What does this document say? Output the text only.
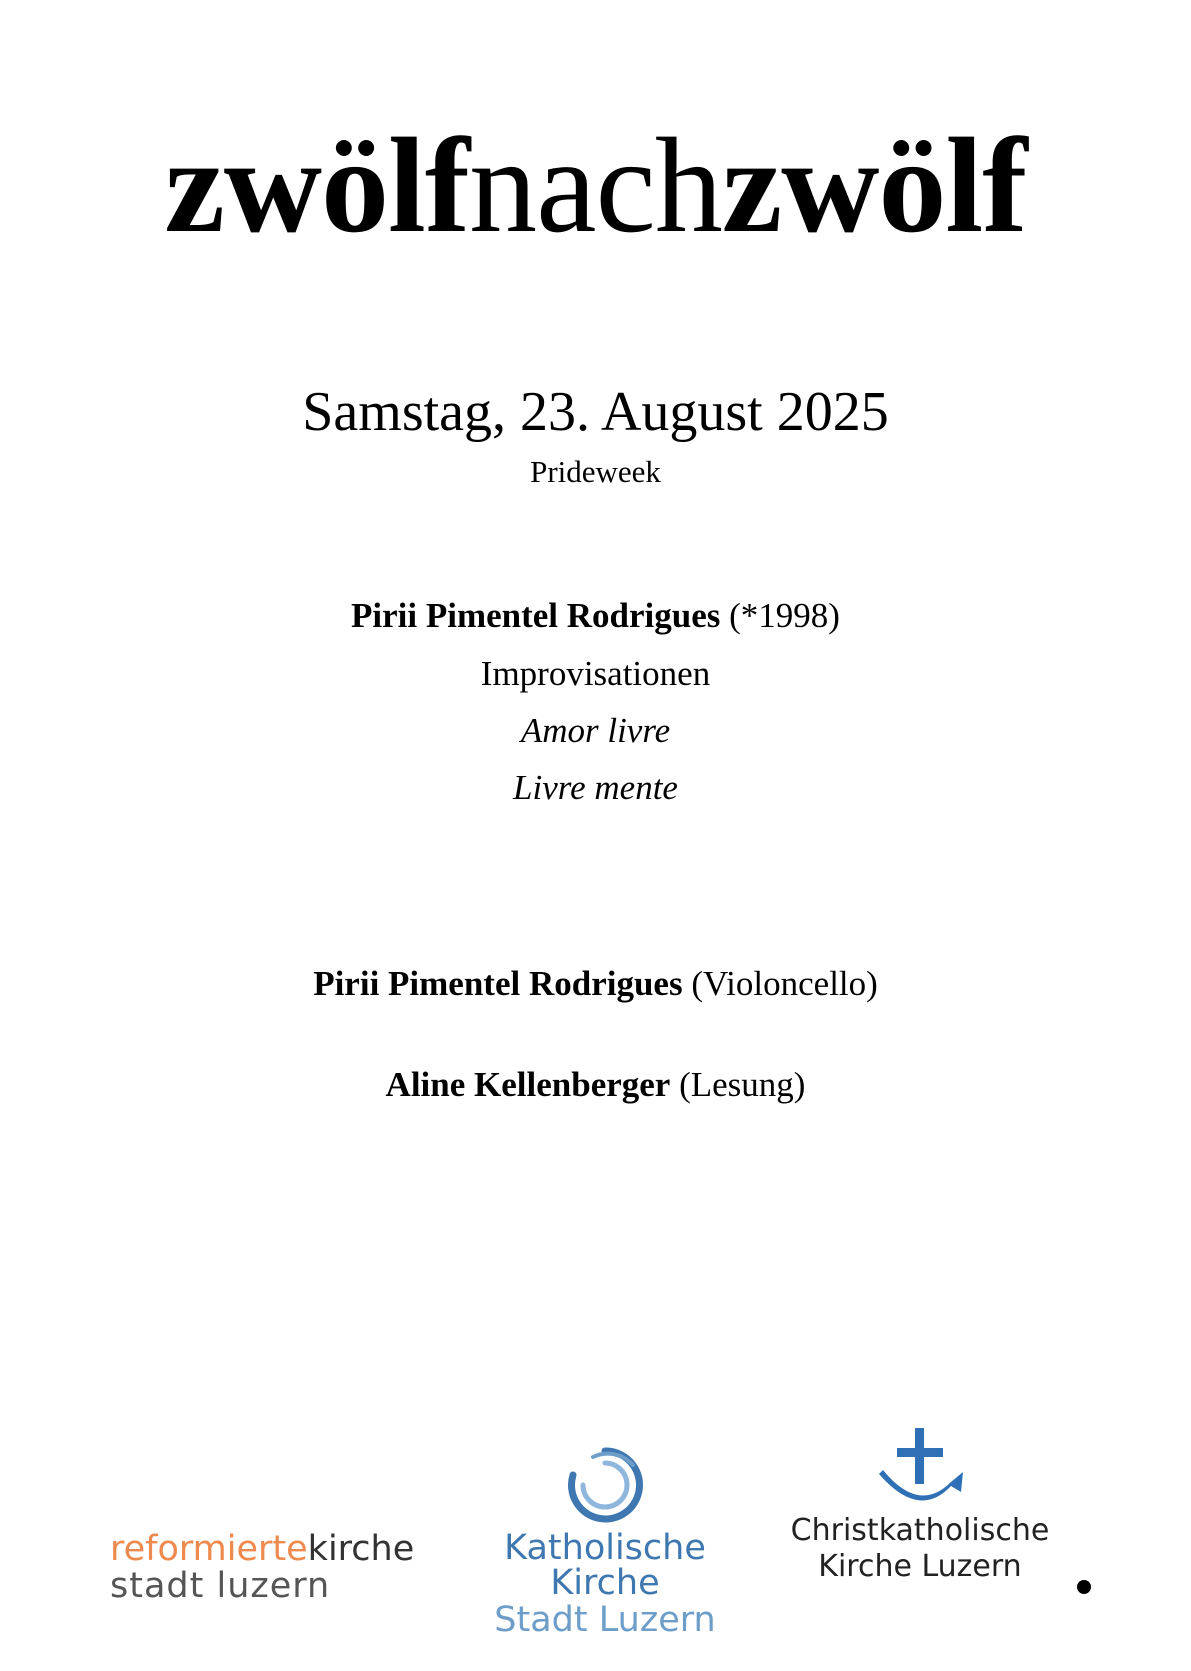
zwölfnachzwölf
Samstag, 23. August 2025
Prideweek
Pirii Pimentel Rodrigues (*1998)
Improvisationen
Amor livre
Livre mente
Pirii Pimentel Rodrigues (Violoncello)
Aline Kellenberger (Lesung)
reformiertekirche
stadt luzern
Katholische Kirche
Stadt Luzern
Christkatholische
Kirche Luzern
